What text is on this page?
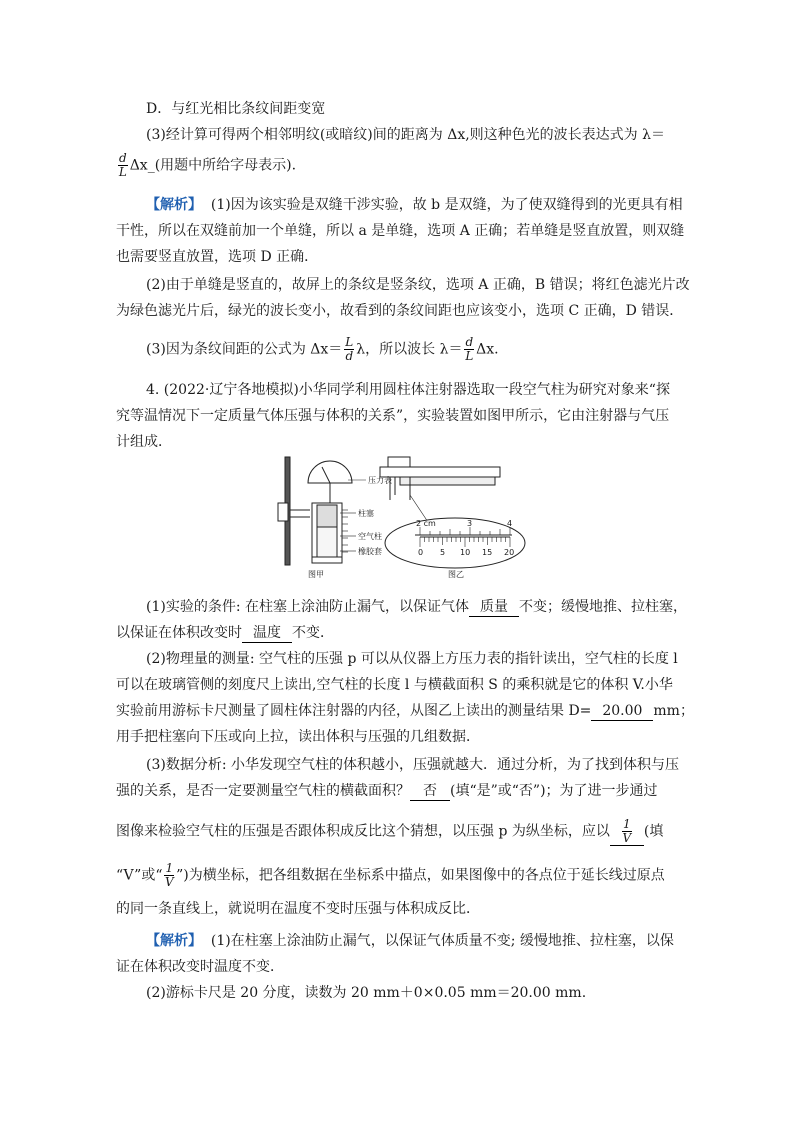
D．与红光相比条纹间距变宽
(3)经计算可得两个相邻明纹(或暗纹)间的距离为 Δx,则这种色光的波长表达式为 λ＝
$\frac{d}{L}$ Δx_(用题中所给字母表示).
【解析】 (1)因为该实验是双缝干涉实验，故 b 是双缝，为了使双缝得到的光更具有相
干性，所以在双缝前加一个单缝，所以 a 是单缝，选项 A 正确；若单缝是竖直放置，则双缝
也需要竖直放置，选项 D 正确．
(2)由于单缝是竖直的，故屏上的条纹是竖条纹，选项 A 正确，B 错误；将红色滤光片改
为绿色滤光片后，绿光的波长变小，故看到的条纹间距也应该变小，选项 C 正确，D 错误．
(3)因为条纹间距的公式为 $\Delta x= \frac{L}{d}$ λ，所以波长 $\lambda= \frac{d}{L} \Delta x$.
4. (2022·辽宁各地模拟)小华同学利用圆柱体注射器选取一段空气柱为研究对象来“探
究等温情况下一定质量气体压强与体积的关系”，实验装置如图甲所示，它由注射器与气压
计组成．
压力表
柱塞
空气柱
橡胶套
2 cm	3	4
0 5 10 15 20
图甲	图乙
(1)实验的条件: 在柱塞上涂油防止漏气，以保证气体 质量 不变；缓慢地推、拉柱塞，
以保证在体积改变时 温度 不变．
(2)物理量的测量: 空气柱的压强 p 可以从仪器上方压力表的指针读出，空气柱的长度 l
可以在玻璃管侧的刻度尺上读出,空气柱的长度 l 与横截面积 S 的乘积就是它的体积 V.小华
实验前用游标卡尺测量了圆柱体注射器的内径，从图乙上读出的测量结果 D= 20.00 mm；
用手把柱塞向下压或向上拉，读出体积与压强的几组数据．
(3)数据分析: 小华发现空气柱的体积越小，压强就越大．通过分析，为了找到体积与压
强的关系，是否一定要测量空气柱的横截面积？ 否 (填“是”或“否”)；为了进一步通过
图像来检验空气柱的压强是否跟体积成反比这个猜想，以压强 p 为纵坐标，应以 $\frac{1}{V}$ (填
“V”或“ $\frac{1}{V}$ ”)为横坐标，把各组数据在坐标系中描点，如果图像中的各点位于延长线过原点
的同一条直线上，就说明在温度不变时压强与体积成反比．
【解析】 (1)在柱塞上涂油防止漏气，以保证气体质量不变; 缓慢地推、拉柱塞，以保
证在体积改变时温度不变．
(2)游标卡尺是 20 分度，读数为 20 mm＋0×0.05 mm＝20.00 mm.
